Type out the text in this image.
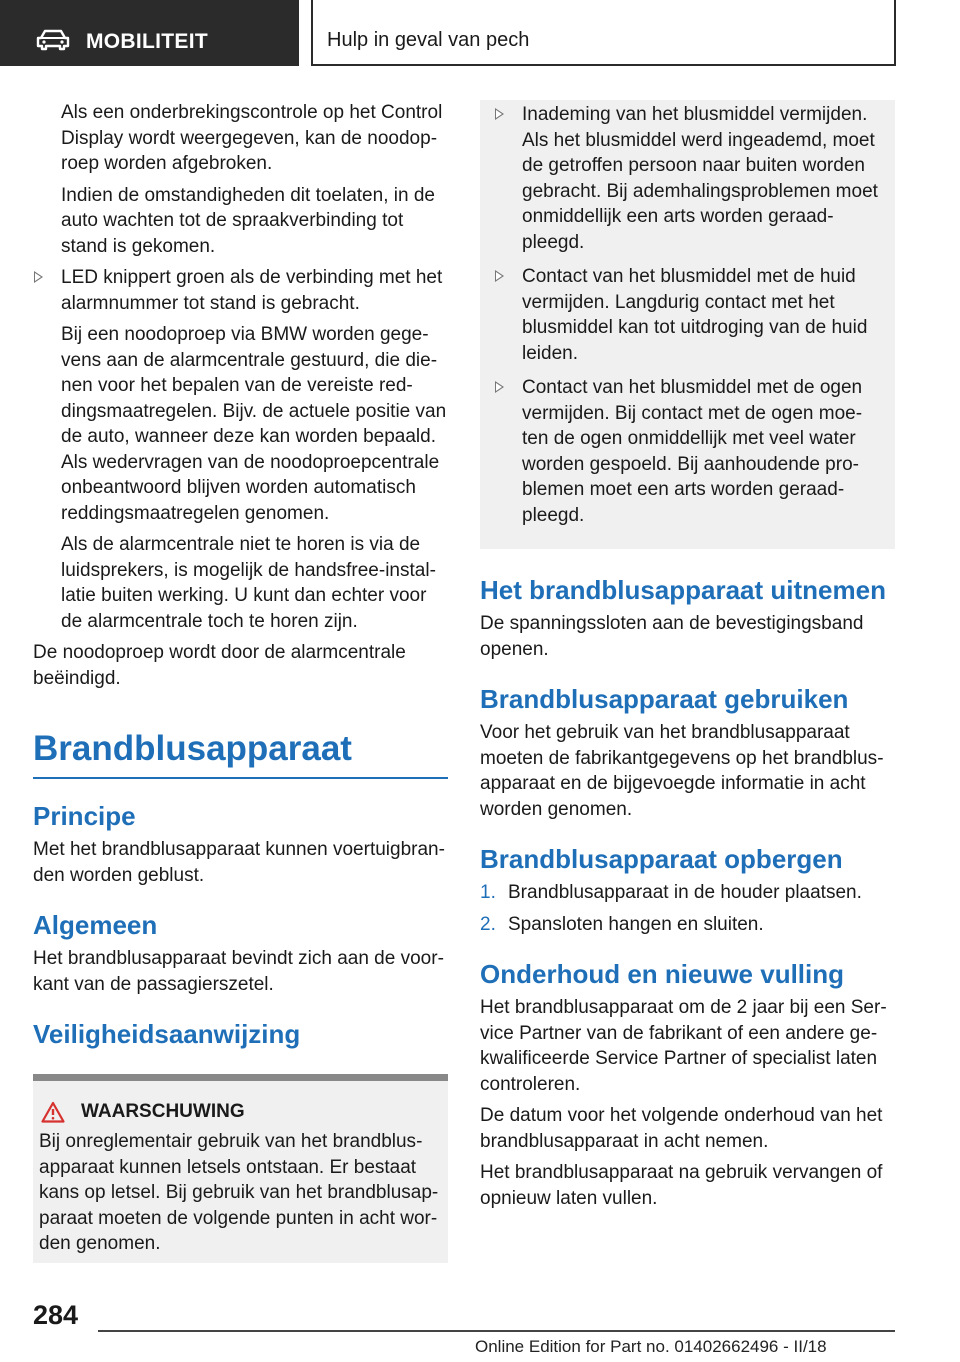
MOBILITEIT	Hulp in geval van pech

Als een onderbrekingscontrole op het Control Display wordt weergegeven, kan de noodoproep worden afgebroken.

Indien de omstandigheden dit toelaten, in de auto wachten tot de spraakverbinding tot stand is gekomen.

LED knippert groen als de verbinding met het alarmnummer tot stand is gebracht.

Bij een noodoproep via BMW worden gegevens aan de alarmcentrale gestuurd, die dienen voor het bepalen van de vereiste reddingsmaatregelen. Bijv. de actuele positie van de auto, wanneer deze kan worden bepaald. Als wedervragen van de noodoproepcentrale onbeantwoord blijven worden automatisch reddingsmaatregelen genomen.

Als de alarmcentrale niet te horen is via de luidsprekers, is mogelijk de handsfree-installatie buiten werking. U kunt dan echter voor de alarmcentrale toch te horen zijn.

De noodoproep wordt door de alarmcentrale beëindigd.

Brandblusapparaat
Principe

Met het brandblusapparaat kunnen voertuigbranden worden geblust.

Algemeen

Het brandblusapparaat bevindt zich aan de voorkant van de passagierszetel.

Veiligheidsaanwijzing
WAARSCHUWING

Bij onreglementair gebruik van het brandblusapparaat kunnen letsels ontstaan. Er bestaat kans op letsel. Bij gebruik van het brandblusapparaat moeten de volgende punten in acht worden genomen.

Inademing van het blusmiddel vermijden. Als het blusmiddel werd ingeademd, moet de getroffen persoon naar buiten worden gebracht. Bij ademhalingsproblemen moet onmiddellijk een arts worden geraadpleegd.
Contact van het blusmiddel met de huid vermijden. Langdurig contact met het blusmiddel kan tot uitdroging van de huid leiden.
Contact van het blusmiddel met de ogen vermijden. Bij contact met de ogen moeten de ogen onmiddellijk met veel water worden gespoeld. Bij aanhoudende problemen moet een arts worden geraadpleegd.
Het brandblusapparaat uitnemen

De spanningssloten aan de bevestigingsband openen.

Brandblusapparaat gebruiken

Voor het gebruik van het brandblusapparaat moeten de fabrikantgegevens op het brandblusapparaat en de bijgevoegde informatie in acht worden genomen.

Brandblusapparaat opbergen
1. Brandblusapparaat in de houder plaatsen.
2. Spansloten hangen en sluiten.
Onderhoud en nieuwe vulling

Het brandblusapparaat om de 2 jaar bij een Service Partner van de fabrikant of een andere gekwalificeerde Service Partner of specialist laten controleren.

De datum voor het volgende onderhoud van het brandblusapparaat in acht nemen.

Het brandblusapparaat na gebruik vervangen of opnieuw laten vullen.

284
Online Edition for Part no. 01402662496 - II/18
